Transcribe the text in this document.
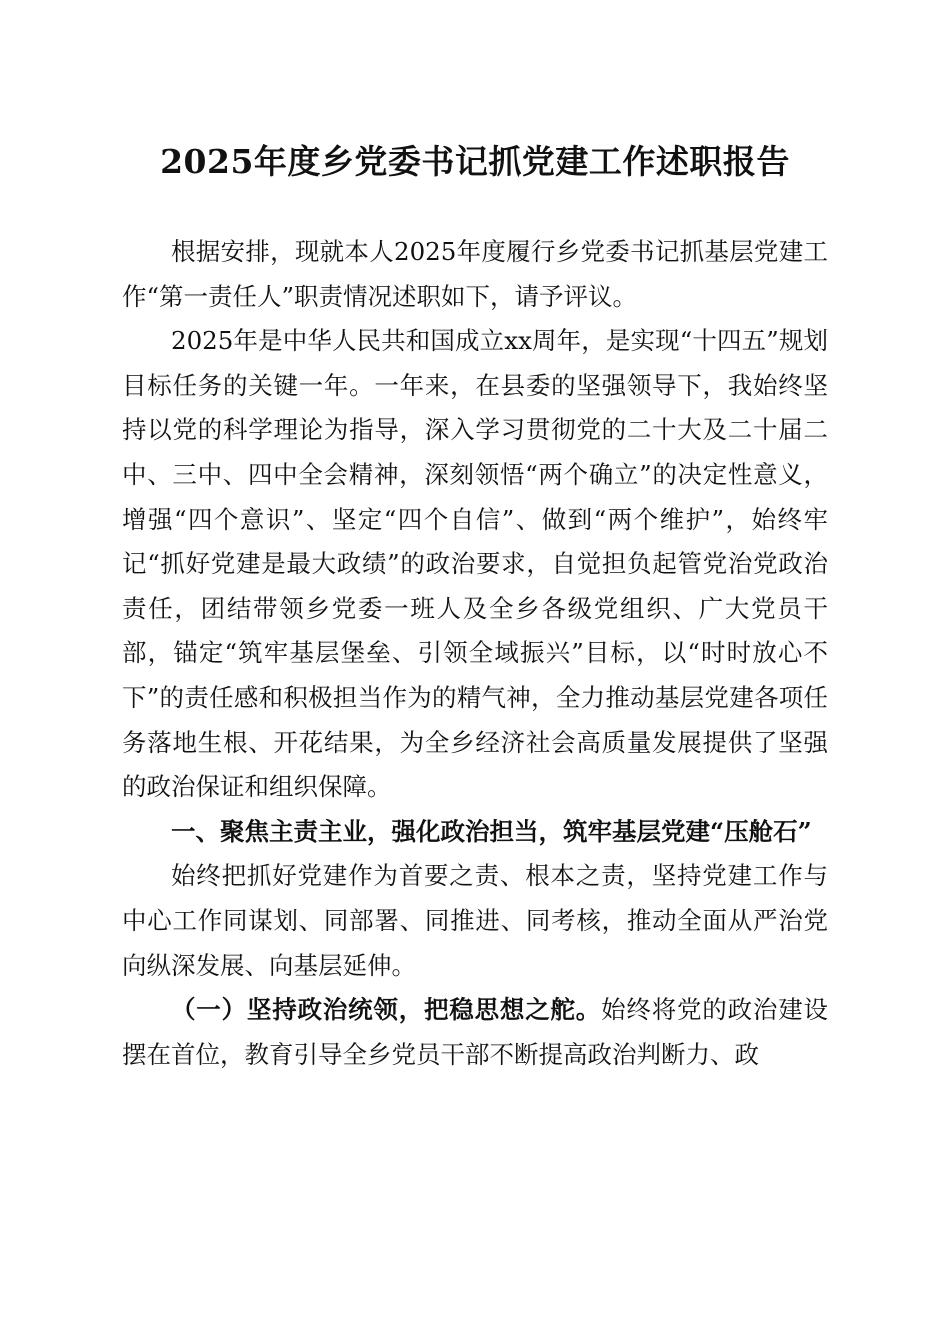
2025年度乡党委书记抓党建工作述职报告

根据安排，现就本人2025年度履行乡党委书记抓基层党建工作“第一责任人”职责情况述职如下，请予评议。

2025年是中华人民共和国成立xx周年，是实现“十四五”规划目标任务的关键一年。一年来，在县委的坚强领导下，我始终坚持以党的科学理论为指导，深入学习贯彻党的二十大及二十届二中、三中、四中全会精神，深刻领悟“两个确立”的决定性意义，增强“四个意识”、坚定“四个自信”、做到“两个维护”，始终牢记“抓好党建是最大政绩”的政治要求，自觉担负起管党治党政治责任，团结带领乡党委一班人及全乡各级党组织、广大党员干部，锚定“筑牢基层堡垒、引领全域振兴”目标，以“时时放心不下”的责任感和积极担当作为的精气神，全力推动基层党建各项任务落地生根、开花结果，为全乡经济社会高质量发展提供了坚强的政治保证和组织保障。

一、聚焦主责主业，强化政治担当，筑牢基层党建“压舱石”

始终把抓好党建作为首要之责、根本之责，坚持党建工作与中心工作同谋划、同部署、同推进、同考核，推动全面从严治党向纵深发展、向基层延伸。

（一）坚持政治统领，把稳思想之舵。始终将党的政治建设摆在首位，教育引导全乡党员干部不断提高政治判断力、政
